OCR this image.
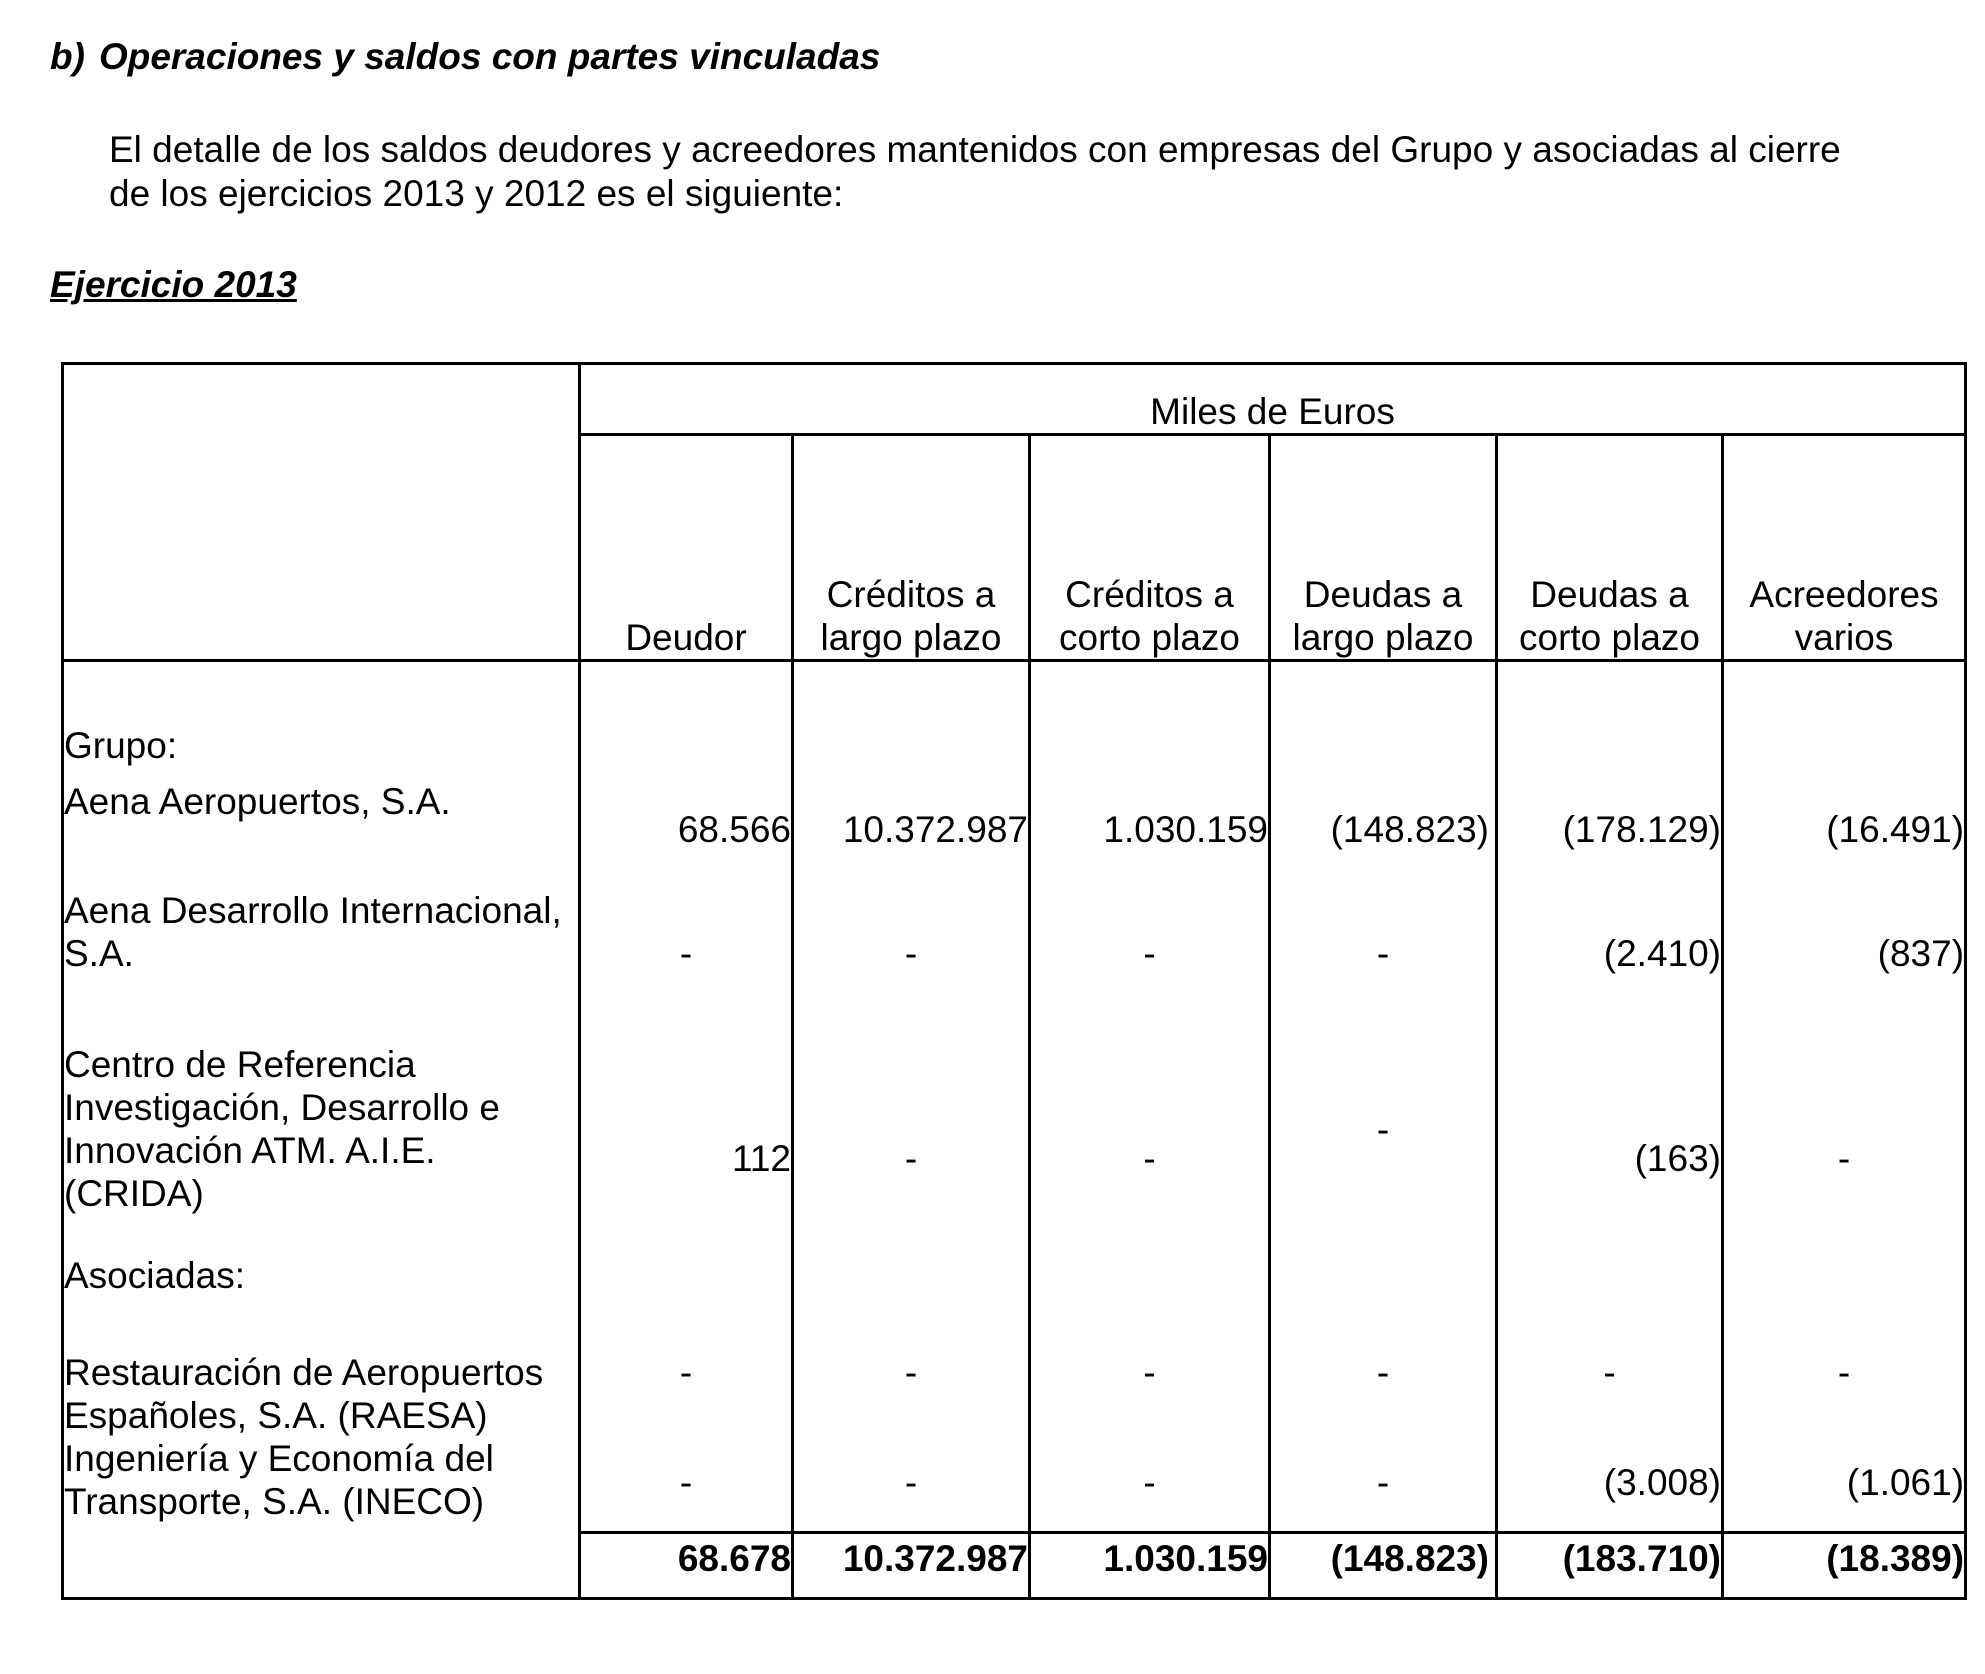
b) Operaciones y saldos con partes vinculadas

El detalle de los saldos deudores y acreedores mantenidos con empresas del Grupo y asociadas al cierre

de los ejercicios 2013 y 2012 es el siguiente:

Ejercicio 2013
	Miles de Euros					
	Deudor	Créditos a largo plazo	Créditos a corto plazo	Deudas a largo plazo	Deudas a corto plazo	Acreedores varios
Grupo:						
Aena Aeropuertos, S.A.	68.566	10.372.987	1.030.159	(148.823)	(178.129)	(16.491)
Aena Desarrollo Internacional, S.A.	-	-	-	-	(2.410)	(837)
Centro de Referencia Investigación, Desarrollo e Innovación ATM. A.I.E. (CRIDA)	112	-	-	-	(163)	-
Asociadas:						
Restauración de Aeropuertos Españoles, S.A. (RAESA)	-	-	-	-	-	-
Ingeniería y Economía del Transporte, S.A. (INECO)	-	-	-	-	(3.008)	(1.061)
	68.678	10.372.987	1.030.159	(148.823)	(183.710)	(18.389)
